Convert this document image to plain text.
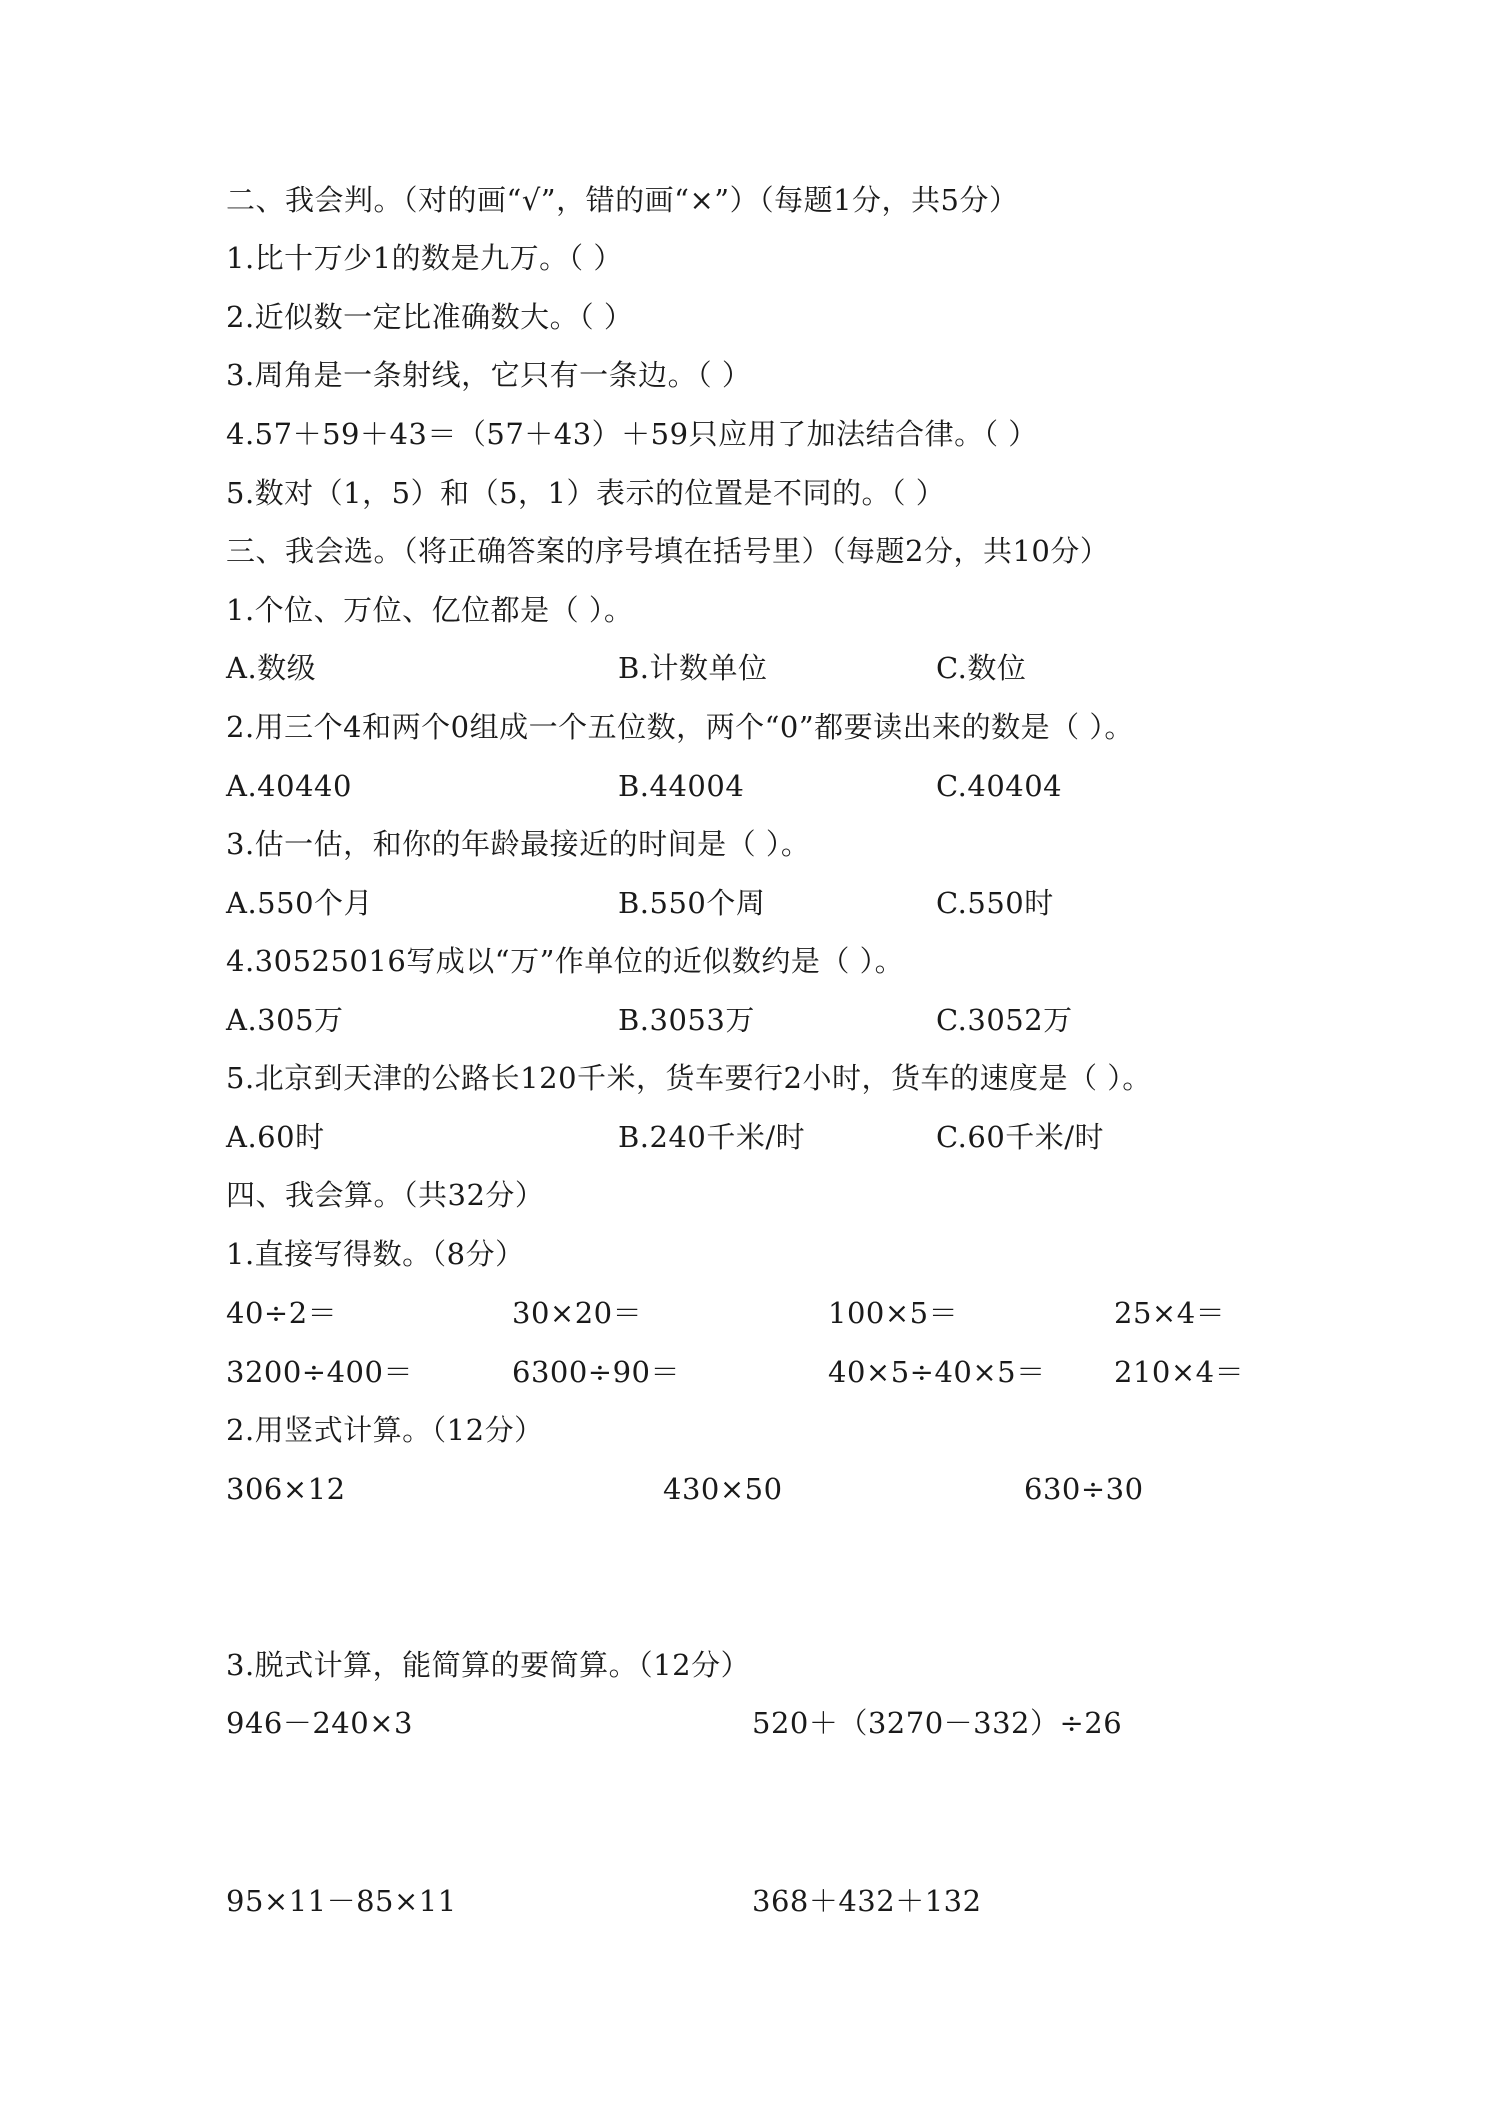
二、我会判。（对的画“√”，错的画“×”）（每题1分，共5分）
1.比十万少1的数是九万。（ ）
2.近似数一定比准确数大。（ ）
3.周角是一条射线，它只有一条边。（ ）
4.57＋59＋43＝（57＋43）＋59只应用了加法结合律。（ ）
5.数对（1，5）和（5，1）表示的位置是不同的。（ ）
三、我会选。（将正确答案的序号填在括号里）（每题2分，共10分）
1.个位、万位、亿位都是（ ）。
A.数级	B.计数单位	C.数位
2.用三个4和两个0组成一个五位数，两个“0”都要读出来的数是（ ）。
A.40440	B.44004	C.40404
3.估一估，和你的年龄最接近的时间是（ ）。
A.550个月	B.550个周	C.550时
4.30525016写成以“万”作单位的近似数约是（ ）。
A.305万	B.3053万	C.3052万
5.北京到天津的公路长120千米，货车要行2小时，货车的速度是（ ）。
A.60时	B.240千米/时	C.60千米/时
四、我会算。（共32分）
1.直接写得数。（8分）
40÷2＝	30×20＝	100×5＝	25×4＝
3200÷400＝	6300÷90＝	40×5÷40×5＝ 210×4＝
2.用竖式计算。（12分）
306×12	430×50	630÷30
3.脱式计算，能简算的要简算。（12分）
946－240×3	520＋（3270－332）÷26
95×11－85×11	368＋432＋132
